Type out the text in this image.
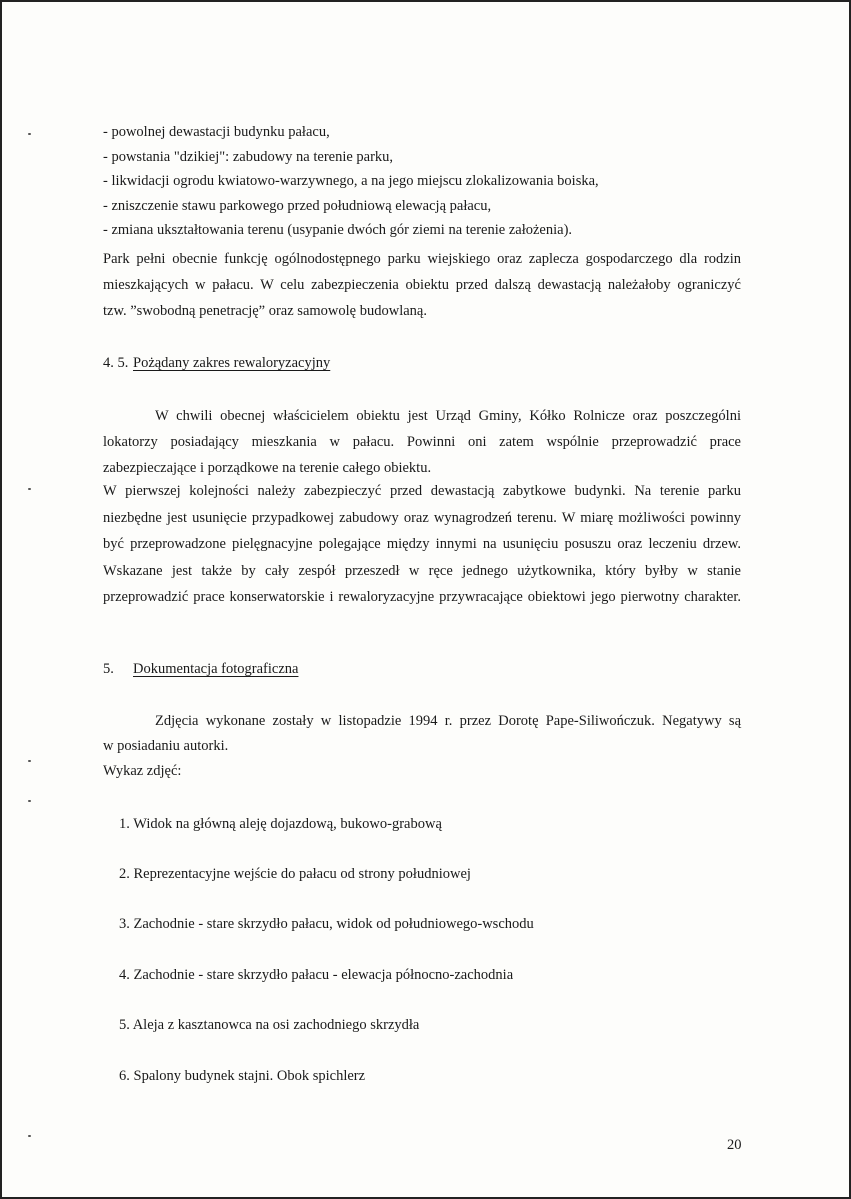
- powolnej dewastacji budynku pałacu,
- powstania "dzikiej": zabudowy na terenie parku,
- likwidacji ogrodu kwiatowo-warzywnego, a na jego miejscu zlokalizowania boiska,
- zniszczenie stawu parkowego przed południową elewacją pałacu,
- zmiana ukształtowania terenu (usypanie dwóch gór ziemi na terenie założenia).
Park pełni obecnie funkcję ogólnodostępnego parku wiejskiego oraz zaplecza gospodarczego dla rodzin
mieszkających w pałacu. W celu zabezpieczenia obiektu przed dalszą dewastacją należałoby ograniczyć
tzw. ”swobodną penetrację” oraz samowolę budowlaną.
4. 5. Pożądany zakres rewaloryzacyjny
W chwili obecnej właścicielem obiektu jest Urząd Gminy, Kółko Rolnicze oraz poszczególni
lokatorzy posiadający mieszkania w pałacu. Powinni oni zatem wspólnie przeprowadzić prace
zabezpieczające i porządkowe na terenie całego obiektu.
W pierwszej kolejności należy zabezpieczyć przed dewastacją zabytkowe budynki. Na terenie parku
niezbędne jest usunięcie przypadkowej zabudowy oraz wynagrodzeń terenu. W miarę możliwości powinny
być przeprowadzone pielęgnacyjne polegające między innymi na usunięciu posuszu oraz leczeniu drzew.
Wskazane jest także by cały zespół przeszedł w ręce jednego użytkownika, który byłby w stanie
przeprowadzić prace konserwatorskie i rewaloryzacyjne przywracające obiektowi jego pierwotny charakter.
5. Dokumentacja fotograficzna
Zdjęcia wykonane zostały w listopadzie 1994 r. przez Dorotę Pape-Siliwończuk. Negatywy są
w posiadaniu autorki.
Wykaz zdjęć:
1. Widok na główną aleję dojazdową, bukowo-grabową
2. Reprezentacyjne wejście do pałacu od strony południowej
3. Zachodnie - stare skrzydło pałacu, widok od południowego-wschodu
4. Zachodnie - stare skrzydło pałacu - elewacja północno-zachodnia
5. Aleja z kasztanowca na osi zachodniego skrzydła
6. Spalony budynek stajni. Obok spichlerz
20
